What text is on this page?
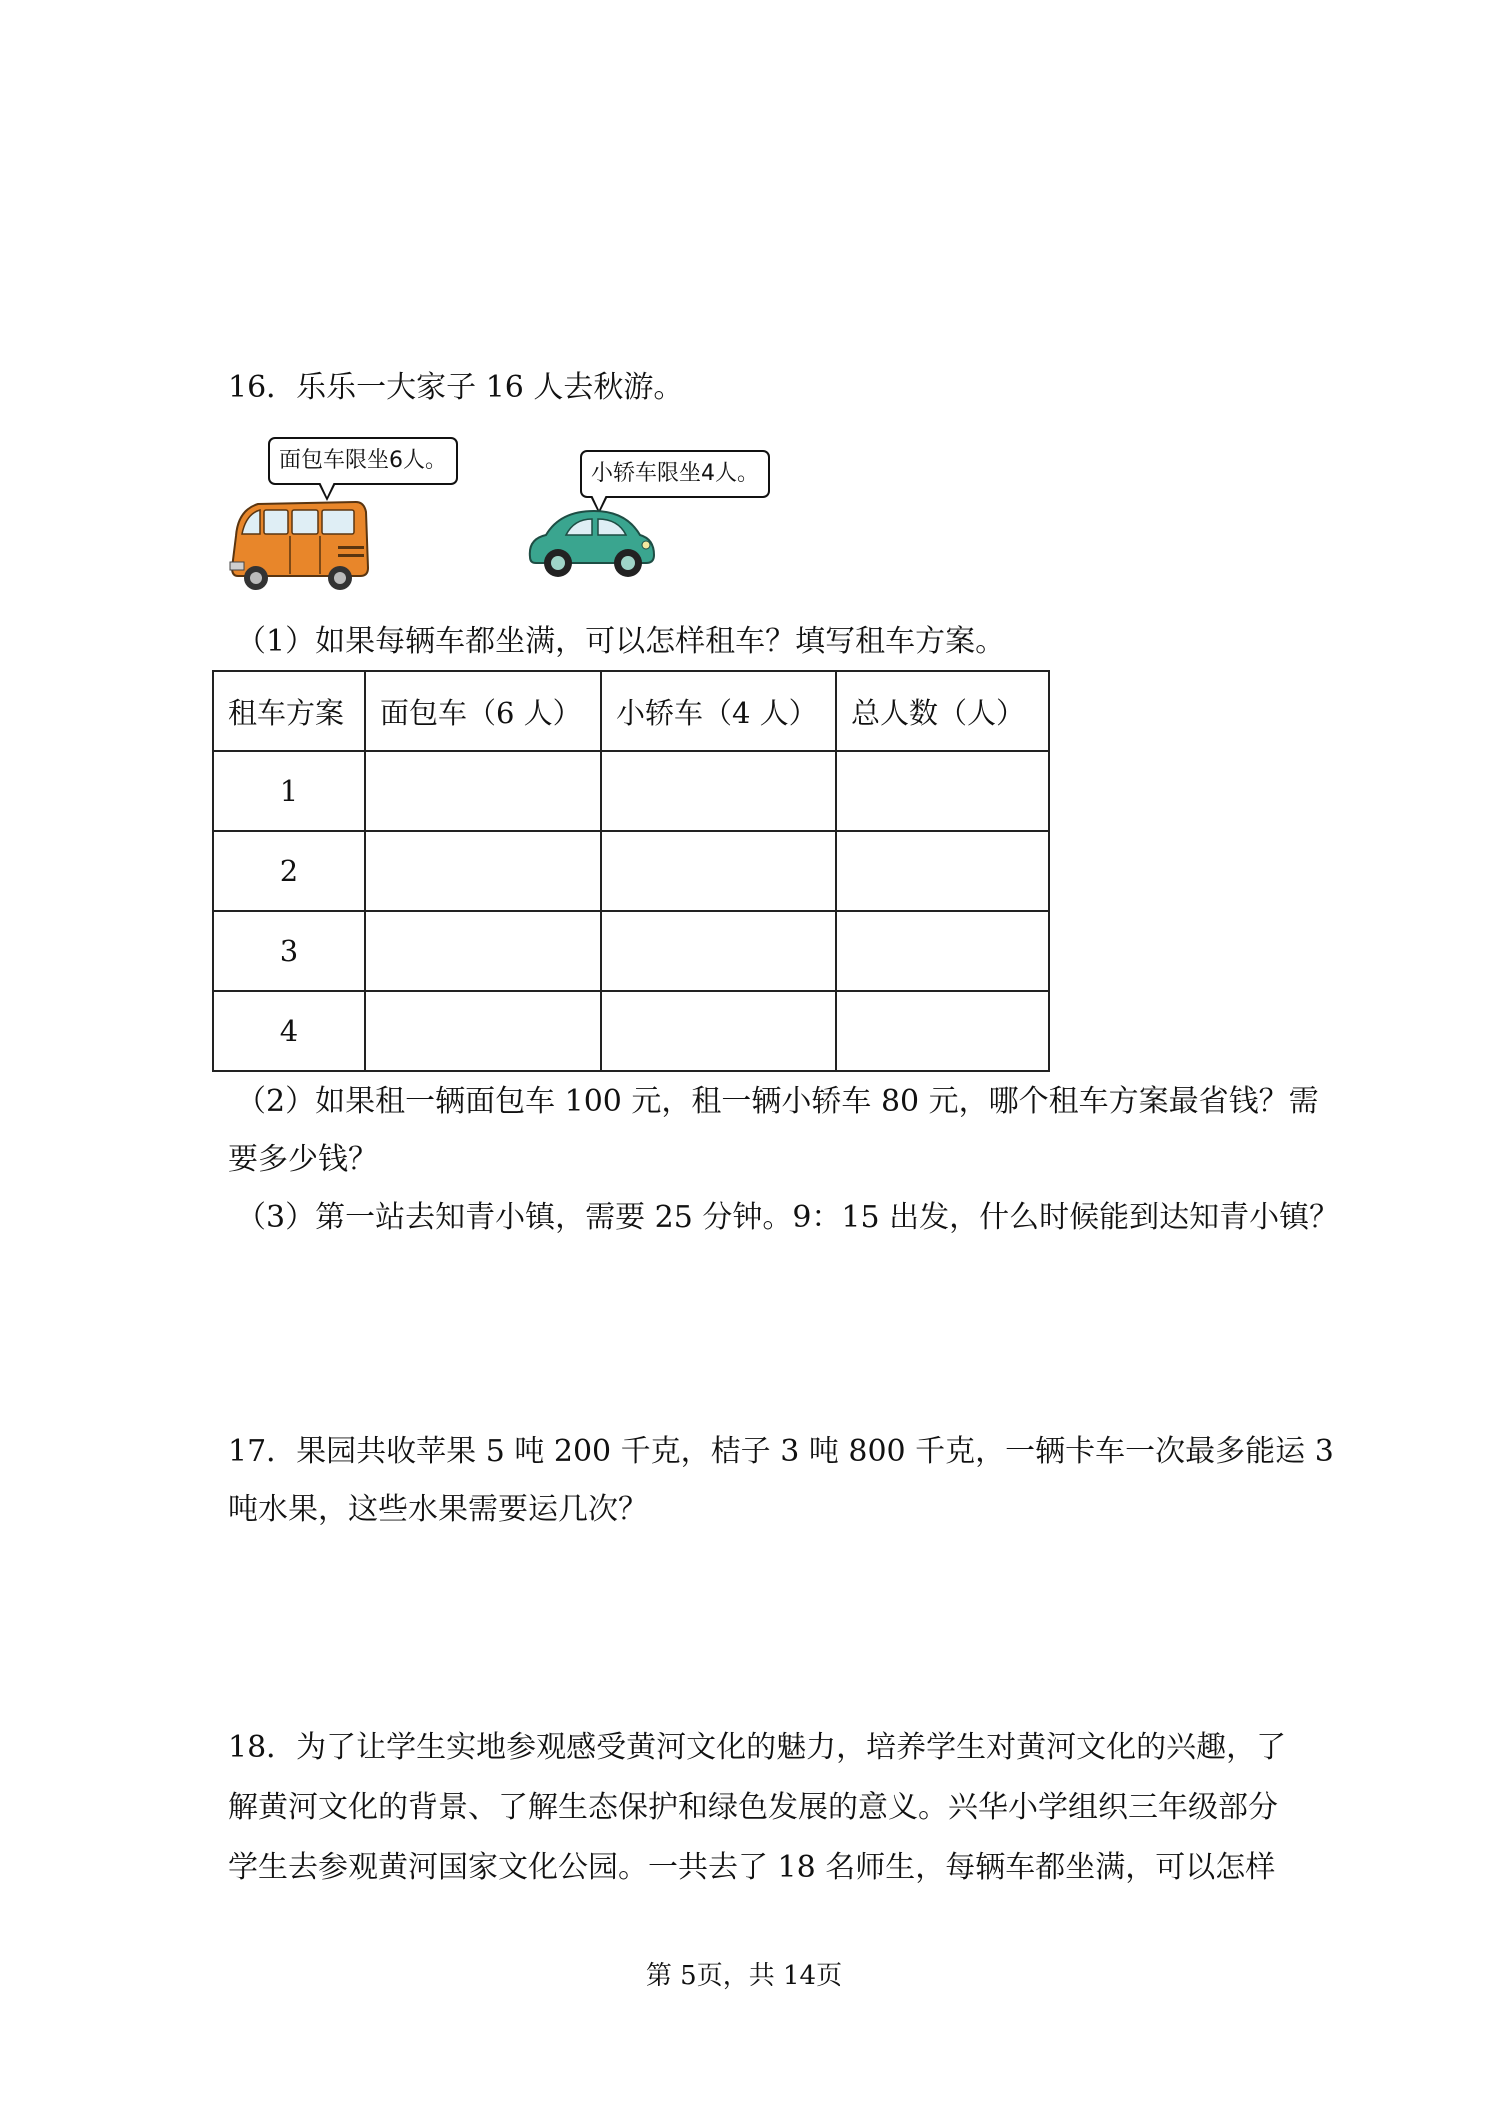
16．乐乐一大家子 16 人去秋游。

面包车限坐6人。
小轿车限坐4人。

（1）如果每辆车都坐满，可以怎样租车？填写租车方案。

租车方案	面包车（6 人）	小轿车（4 人）	总人数（人）
1			
2			
3			
4			

（2）如果租一辆面包车 100 元，租一辆小轿车 80 元，哪个租车方案最省钱？需

要多少钱？

（3）第一站去知青小镇，需要 25 分钟。9：15 出发，什么时候能到达知青小镇？

17．果园共收苹果 5 吨 200 千克，桔子 3 吨 800 千克，一辆卡车一次最多能运 3

吨水果，这些水果需要运几次？

18．为了让学生实地参观感受黄河文化的魅力，培养学生对黄河文化的兴趣，了

解黄河文化的背景、了解生态保护和绿色发展的意义。兴华小学组织三年级部分

学生去参观黄河国家文化公园。一共去了 18 名师生，每辆车都坐满，可以怎样

第 5页，共 14页
